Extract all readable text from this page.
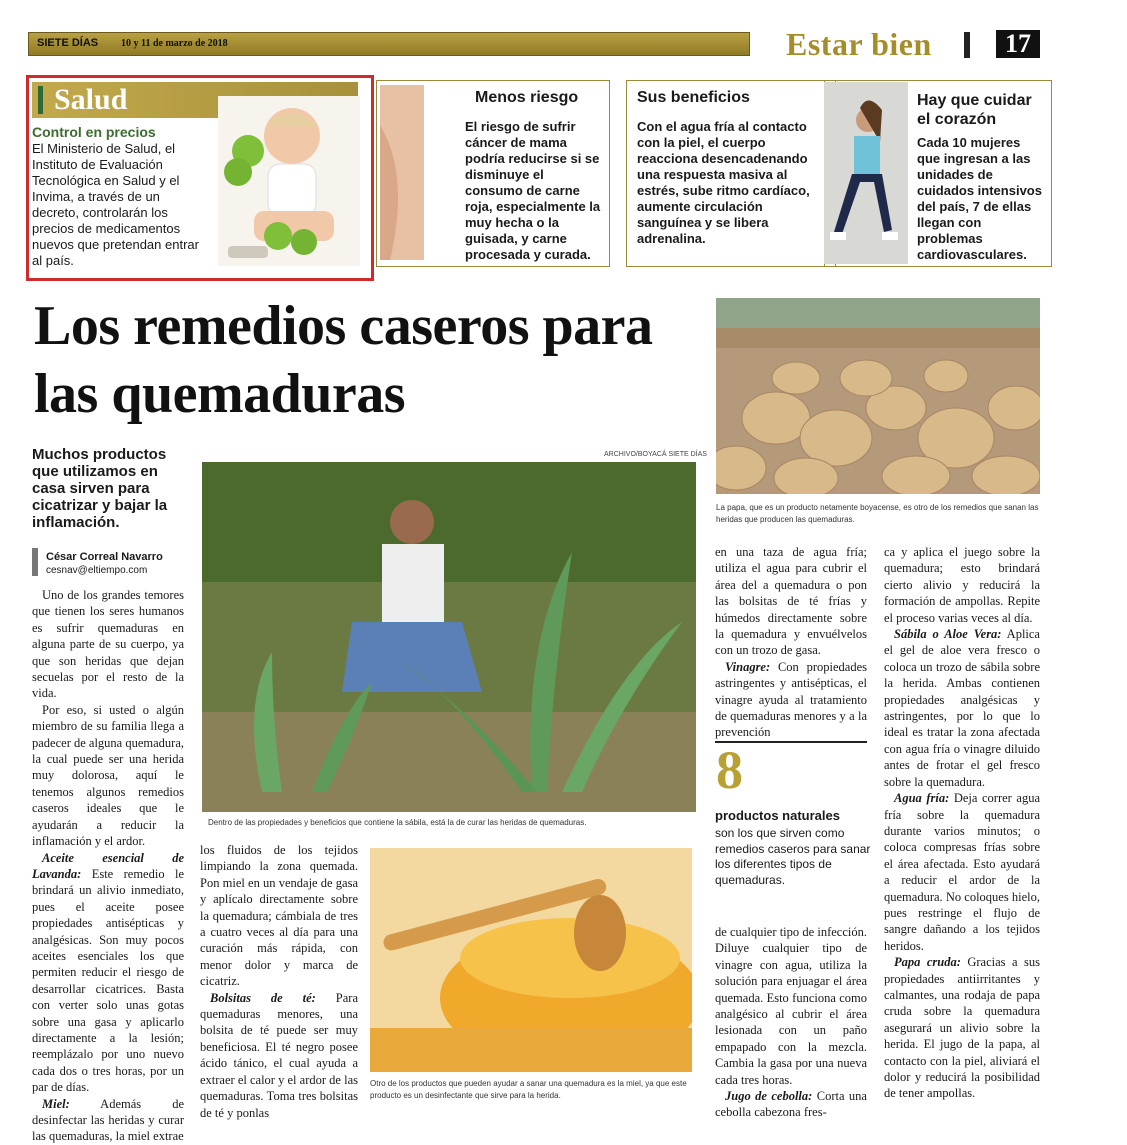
SIETE DÍAS 10 y 11 de marzo de 2018	Estar bien	17
Salud
Control en precios
El Ministerio de Salud, el Instituto de Evaluación Tecnológica en Salud y el Invima, a través de un decreto, controlarán los precios de medicamentos nuevos que pretendan entrar al país.
Menos riesgo
El riesgo de sufrir cáncer de mama podría reducirse si se disminuye el consumo de carne roja, especialmente la muy hecha o la guisada, y carne procesada y curada.
Sus beneficios
Con el agua fría al contacto con la piel, el cuerpo reacciona desencadenando una respuesta masiva al estrés, sube ritmo cardíaco, aumente circulación sanguínea y se libera adrenalina.
Hay que cuidar el corazón
Cada 10 mujeres que ingresan a las unidades de cuidados intensivos del país, 7 de ellas llegan con problemas cardiovasculares.
Los remedios caseros para las quemaduras
Muchos productos que utilizamos en casa sirven para cicatrizar y bajar la inflamación.
César Correal Navarro
cesnav@eltiempo.com
ARCHIVO/BOYACÁ SIETE DÍAS

Uno de los grandes temores que tienen los seres humanos es sufrir quemaduras en alguna parte de su cuerpo, ya que son heridas que dejan secuelas por el resto de la vida.

Por eso, si usted o algún miembro de su familia llega a padecer de alguna quemadura, la cual puede ser una herida muy dolorosa, aquí le tenemos algunos remedios caseros ideales que le ayudarán a reducir la inflamación y el ardor.

Aceite esencial de Lavanda: Este remedio le brindará un alivio inmediato, pues el aceite posee propiedades antisépticas y analgésicas. Son muy pocos aceites esenciales los que permiten reducir el riesgo de desarrollar cicatrices. Basta con verter solo unas gotas sobre una gasa y aplicarlo directamente a la lesión; reemplázalo por uno nuevo cada dos o tres horas, por un par de días.

Miel: Además de desinfectar las heridas y curar las quemaduras, la miel extrae

Dentro de las propiedades y beneficios que contiene la sábila, está la de curar las heridas de quemaduras.

los fluidos de los tejidos limpiando la zona quemada. Pon miel en un vendaje de gasa y aplícalo directamente sobre la quemadura; cámbiala de tres a cuatro veces al día para una curación más rápida, con menor dolor y marca de cicatriz.

Bolsitas de té: Para quemaduras menores, una bolsita de té puede ser muy beneficiosa. El té negro posee ácido tánico, el cual ayuda a extraer el calor y el ardor de las quemaduras. Toma tres bolsitas de té y ponlas

Otro de los productos que pueden ayudar a sanar una quemadura es la miel, ya que este producto es un desinfectante que sirve para la herida.

en una taza de agua fría; utiliza el agua para cubrir el área del a quemadura o pon las bolsitas de té frías y húmedos directamente sobre la quemadura y envuélvelos con un trozo de gasa.

Vinagre: Con propiedades astringentes y antisépticas, el vinagre ayuda al tratamiento de quemaduras menores y a la prevención

8
productos naturales
son los que sirven como remedios caseros para sanar los diferentes tipos de quemaduras.

de cualquier tipo de infección. Diluye cualquier tipo de vinagre con agua, utiliza la solución para enjuagar el área quemada. Esto funciona como analgésico al cubrir el área lesionada con un paño empapado con la mezcla. Cambia la gasa por una nueva cada tres horas.

Jugo de cebolla: Corta una cebolla cabezona fres-

La papa, que es un producto netamente boyacense, es otro de los remedios que sanan las heridas que producen las quemaduras.

ca y aplica el juego sobre la quemadura; esto brindará cierto alivio y reducirá la formación de ampollas. Repite el proceso varias veces al día.

Sábila o Aloe Vera: Aplica el gel de aloe vera fresco o coloca un trozo de sábila sobre la herida. Ambas contienen propiedades analgésicas y astringentes, por lo que lo ideal es tratar la zona afectada con agua fría o vinagre diluido antes de frotar el gel fresco sobre la quemadura.

Agua fría: Deja correr agua fría sobre la quemadura durante varios minutos; o coloca compresas frías sobre el área afectada. Esto ayudará a reducir el ardor de la quemadura. No coloques hielo, pues restringe el flujo de sangre dañando a los tejidos heridos.

Papa cruda: Gracias a sus propiedades antiirritantes y calmantes, una rodaja de papa cruda sobre la quemadura asegurará un alivio sobre la herida. El jugo de la papa, al contacto con la piel, aliviará el dolor y reducirá la posibilidad de tener ampollas.
